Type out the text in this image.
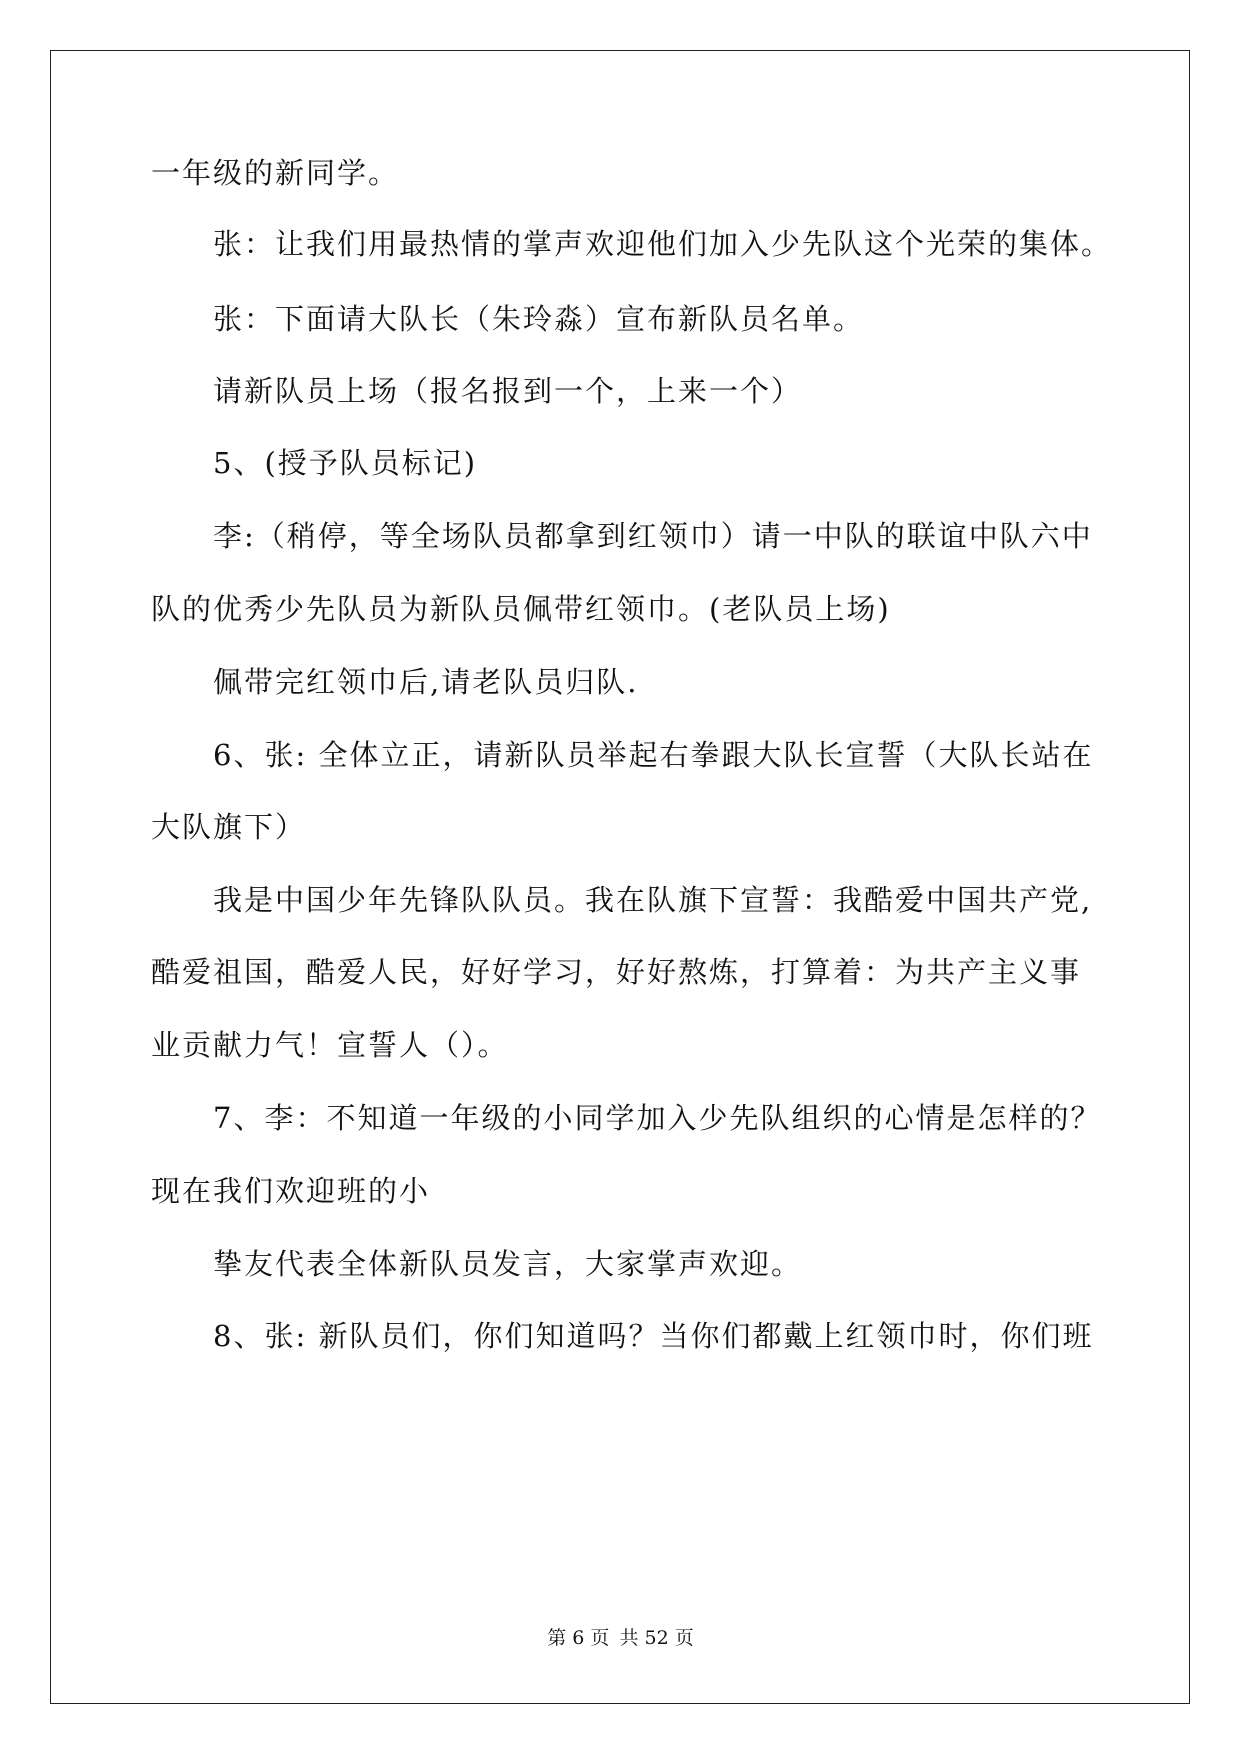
一年级的新同学。
张：让我们用最热情的掌声欢迎他们加入少先队这个光荣的集体。
张：下面请大队长（朱玲淼）宣布新队员名单。
请新队员上场（报名报到一个，上来一个）
5、(授予队员标记)
李:（稍停，等全场队员都拿到红领巾）请一中队的联谊中队六中
队的优秀少先队员为新队员佩带红领巾。(老队员上场)
佩带完红领巾后,请老队员归队.
6、张: 全体立正，请新队员举起右拳跟大队长宣誓（大队长站在
大队旗下）
我是中国少年先锋队队员。我在队旗下宣誓：我酷爱中国共产党,
酷爱祖国，酷爱人民，好好学习，好好熬炼，打算着：为共产主义事
业贡献力气！宣誓人（）。
7、李：不知道一年级的小同学加入少先队组织的心情是怎样的？
现在我们欢迎班的小
挚友代表全体新队员发言，大家掌声欢迎。
8、张: 新队员们，你们知道吗？当你们都戴上红领巾时，你们班
第 6 页 共 52 页
